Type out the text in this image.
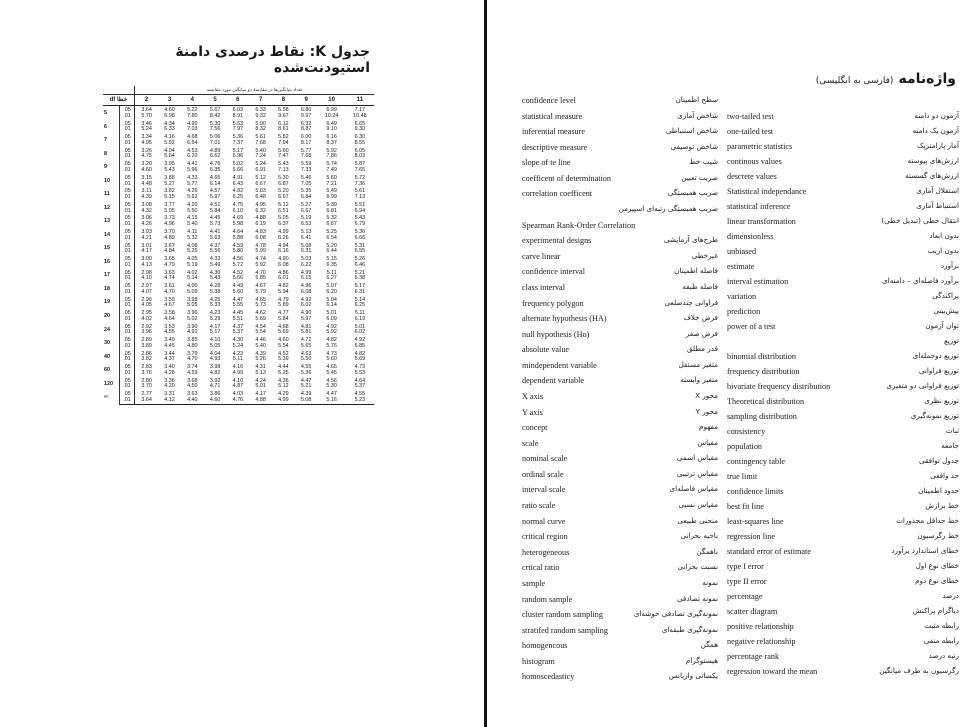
جدول K: نقاط درصدی دامنهٔ استیودنت‌شده
		تعداد میانگین‌ها در مقایسهٔ دو میانگین مورد مقایسه									
df خطا		2	3	4	5	6	7	8	9	10	11
5	.05	3.64	4.60	5.22	5.67	6.03	6.33	6.58	6.80	6.99	7.17
	.01	5.70	6.98	7.80	8.42	8.91	9.32	9.67	9.97	10.24	10.48
6	.05	3.46	4.34	4.90	5.30	5.63	5.90	6.12	6.32	6.49	6.65
	.01	5.24	6.33	7.03	7.56	7.97	8.32	8.61	8.87	9.10	9.30
7	.05	3.34	4.16	4.68	5.06	5.36	5.61	5.82	6.00	6.16	6.30
	.01	4.95	5.92	6.54	7.01	7.37	7.68	7.94	8.17	8.37	8.55
8	.05	3.26	4.04	4.53	4.89	5.17	5.40	5.60	5.77	5.92	6.05
	.01	4.75	5.64	6.20	6.62	6.96	7.24	7.47	7.68	7.86	8.03
9	.05	3.20	3.95	4.41	4.76	5.02	5.24	5.43	5.59	5.74	5.87
	.01	4.60	5.43	5.96	6.35	6.66	6.91	7.13	7.33	7.49	7.65
10	.05	3.15	3.88	4.33	4.65	4.91	5.12	5.30	5.46	5.60	5.72
	.01	4.48	5.27	5.77	6.14	6.43	6.67	6.87	7.05	7.21	7.36
11	.05	3.11	3.82	4.26	4.57	4.82	5.03	5.20	5.35	5.49	5.61
	.01	4.39	5.15	5.62	5.97	6.25	6.48	6.67	6.84	6.99	7.13
12	.05	3.08	3.77	4.20	4.51	4.75	4.95	5.12	5.27	5.39	5.51
	.01	4.32	5.05	5.50	5.84	6.10	6.32	6.51	6.67	6.81	6.94
13	.05	3.06	3.73	4.15	4.45	4.69	4.88	5.05	5.19	5.32	5.43
	.01	4.26	4.96	5.40	5.73	5.98	6.19	6.37	6.53	6.67	6.79
14	.05	3.03	3.70	4.11	4.41	4.64	4.83	4.99	5.13	5.25	5.36
	.01	4.21	4.89	5.32	5.63	5.88	6.08	6.26	6.41	6.54	6.66
15	.05	3.01	3.67	4.08	4.37	4.59	4.78	4.94	5.08	5.20	5.31
	.01	4.17	4.84	5.25	5.56	5.80	5.99	6.16	6.31	6.44	6.55
16	.05	3.00	3.65	4.05	4.33	4.56	4.74	4.90	5.03	5.15	5.26
	.01	4.13	4.79	5.19	5.49	5.72	5.92	6.08	6.22	6.35	6.46
17	.05	2.98	3.63	4.02	4.30	4.52	4.70	4.86	4.99	5.11	5.21
	.01	4.10	4.74	5.14	5.43	5.66	5.85	6.01	6.15	6.27	6.38
18	.05	2.97	3.61	4.00	4.28	4.49	4.67	4.82	4.96	5.07	5.17
	.01	4.07	4.70	5.09	5.38	5.60	5.79	5.94	6.08	6.20	6.31
19	.05	2.96	3.59	3.98	4.25	4.47	4.65	4.79	4.92	5.04	5.14
	.01	4.05	4.67	5.05	5.33	5.55	5.73	5.89	6.02	6.14	6.25
20	.05	2.95	3.58	3.96	4.23	4.45	4.62	4.77	4.90	5.01	5.11
	.01	4.02	4.64	5.02	5.29	5.51	5.69	5.84	5.97	6.09	6.19
24	.05	2.92	3.53	3.90	4.17	4.37	4.54	4.68	4.81	4.92	5.01
	.01	3.96	4.55	4.91	5.17	5.37	5.54	5.69	5.81	5.92	6.02
30	.05	2.89	3.49	3.85	4.10	4.30	4.46	4.60	4.72	4.82	4.92
	.01	3.89	4.45	4.80	5.05	5.24	5.40	5.54	5.65	5.76	5.85
40	.05	2.86	3.44	3.79	4.04	4.23	4.39	4.52	4.63	4.73	4.82
	.01	3.82	4.37	4.70	4.93	5.11	5.26	5.39	5.50	5.60	5.69
60	.05	2.83	3.40	3.74	3.98	4.16	4.31	4.44	4.55	4.65	4.73
	.01	3.76	4.28	4.59	4.82	4.99	5.13	5.25	5.36	5.45	5.53
120	.05	2.80	3.36	3.68	3.92	4.10	4.24	4.36	4.47	4.56	4.64
	.01	3.70	4.20	4.50	4.71	4.87	5.01	5.12	5.21	5.30	5.37
∞	.05	2.77	3.31	3.63	3.86	4.03	4.17	4.29	4.39	4.47	4.55
	.01	3.64	4.12	4.40	4.60	4.76	4.88	4.99	5.08	5.16	5.23
واژه‌نامه (فارسی به انگلیسی)
confidence level	سطح اطمینان
statistical measure	شاخص آماری
inferential measure	شاخص استنباطی
descriptive measure	شاخص توصیفی
slope of te line	شیب خط
coefficent of determination	ضریب تعیین
correlation coefficent	ضریب همبستگی
ضریب همبستگی رتبه‌ای اسپیرمن
Spearman Rank-Order Correlation
experimental designs	طرح‌های آزمایشی
carve linear	غیرخطی
confidence interval	فاصله اطمینان
class interval	فاصله طبقه
frequency polygon	فراوانی چندضلعی
alternate hypothesis (HA)	فرض خلاف
null hypothesis (Ho)	فرض صفر
absolute value	قدر مطلق
mindependent variable	متغیر مستقل
dependent variable	متغیر وابسته
X axis	محور X
Y axis	محور Y
concept	مفهوم
scale	مقیاس
nominal scale	مقیاس اسمی
ordinal scale	مقیاس ترتیبی
interval scale	مقیاس فاصله‌ای
ratio scale	مقیاس نسبی
normal curve	منحنی طبیعی
critical region	ناحیه بحرانی
heterogeneous	ناهمگن
crtical ratio	نسبت بحرانی
sample	نمونه
random sample	نمونه تصادفی
cluster random sampling	نمونه‌گیری تصادفی خوشه‌ای
stratifed random sampling	نمونه‌گیری طبقه‌ای
homogencous	همگن
histogram	هیستوگرام
homoscedasticy	یکسانی واریانس
two-tailed test	آزمون دو دامنه
one-tailed test	آزمون یک دامنه
parametric statistics	آمار پارامتریک
continous values	ارزش‌های پیوسته
descrete values	ارزش‌های گسسته
Statistical independance	استقلال آماری
statistical inference	استنباط آماری
linear transformation	انتقال خطی (تبدیل خطی)
dimensionless	بدون ابعاد
unbiased	بدون اریب
estimate	برآورد
interval estimation	برآورد فاصله‌ای – دامنه‌ای
variation	پراکندگی
prediction	پیش‌بینی
power of a test	توان آزمون
توزیع
binomial distribution	توزیع دوجمله‌ای
frequency distribution	توزیع فراوانی
bivariate frequency distribution	توزیع فراوانی دو متغیری
Theoretical distribution	توزیع نظری
sampling distribution	توزیع نمونه‌گیری
consistency	ثبات
population	جامعه
contingency table	جدول توافقی
true limit	حد واقعی
confidence limits	حدود اطمینان
best fit line	خط برازش
least-squares line	خط حداقل مجذورات
regression line	خط رگرسیون
standard error of estimate	خطای استاندارد برآورد
type I error	خطای نوع اول
type II error	خطای نوع دوم
percentage	درصد
scatter diagram	دیاگرام پراکنش
positive relationship	رابطه مثبت
negative relationship	رابطه منفی
percentage rank	رتبه درصد
regression toward the mean	رگرسیون به طرف میانگین
